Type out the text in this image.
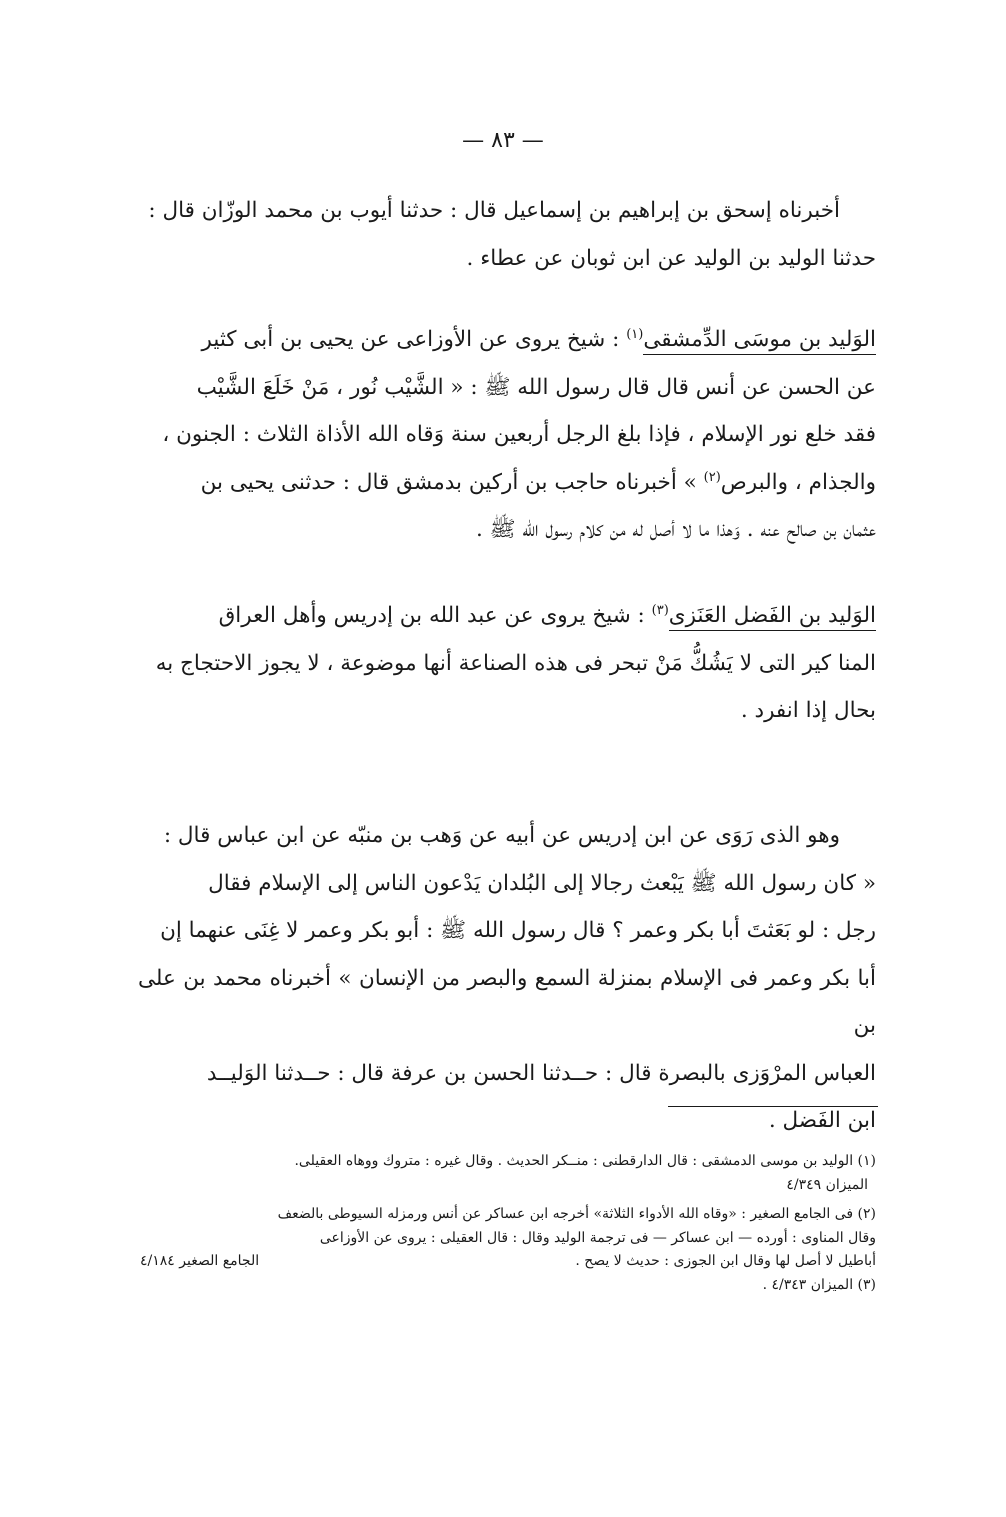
— ٨٣ —

أخبرناه إسحق بن إبراهيم بن إسماعيل قال : حدثنا أيوب بن محمد الوزّان قال :

حدثنا الوليد بن الوليد عن ابن ثوبان عن عطاء .

الوَليد بن موسَى الدِّمشقى$^{(١)}$ : شيخ يروى عن الأوزاعى عن يحيى بن أبى كثير

عن الحسن عن أنس قال قال رسول الله ﷺ : « الشَّيْب نُور ، مَنْ خَلَعَ الشَّيْب

فقد خلع نور الإسلام ، فإذا بلغ الرجل أربعين سنة وَقاه الله الأذاة الثلاث : الجنون ،

والجذام ، والبرص$^{(٢)}$ » أخبرناه حاجب بن أركين بدمشق قال : حدثنى يحيى بن

عثمان بن صالح عنه . وَهذا ما لا أصل له من كلام رسول الله ﷺ .

الوَليد بن الفَضل العَنَزى$^{(٣)}$ : شيخ يروى عن عبد الله بن إدريس وأهل العراق

المنا كير التى لا يَشُكُّ مَنْ تبحر فى هذه الصناعة أنها موضوعة ، لا يجوز الاحتجاج به

بحال إذا انفرد .

وهو الذى رَوَى عن ابن إدريس عن أبيه عن وَهب بن منبّه عن ابن عباس قال :

« كان رسول الله ﷺ يَبْعث رجالا إلى البُلدان يَدْعون الناس إلى الإسلام فقال

رجل : لو بَعَثتَ أبا بكر وعمر ؟ قال رسول الله ﷺ : أبو بكر وعمر لا غِنَى عنهما إن

أبا بكر وعمر فى الإسلام بمنزلة السمع والبصر من الإنسان » أخبرناه محمد بن على بن

العباس المرْوَزى بالبصرة قال : حــدثنا الحسن بن عرفة قال : حــدثنا الوَليــد

ابن الفَضل .

(١) الوليد بن موسى الدمشقى : قال الدارقطنى : منــكر الحديث . وقال غيره : متروك ووهاه العقيلى.

الميزان ٤/٣٤٩

(٢) فى الجامع الصغير : «وقاه الله الأدواء الثلاثة» أخرجه ابن عساكر عن أنس ورمزله السيوطى بالضعف

وقال المناوى : أورده — ابن عساكر — فى ترجمة الوليد وقال : قال العقيلى : يروى عن الأوزاعى

أباطيل لا أصل لها وقال ابن الجوزى : حديث لا يصح .
الجامع الصغير ٤/١٨٤

(٣) الميزان ٤/٣٤٣ .
